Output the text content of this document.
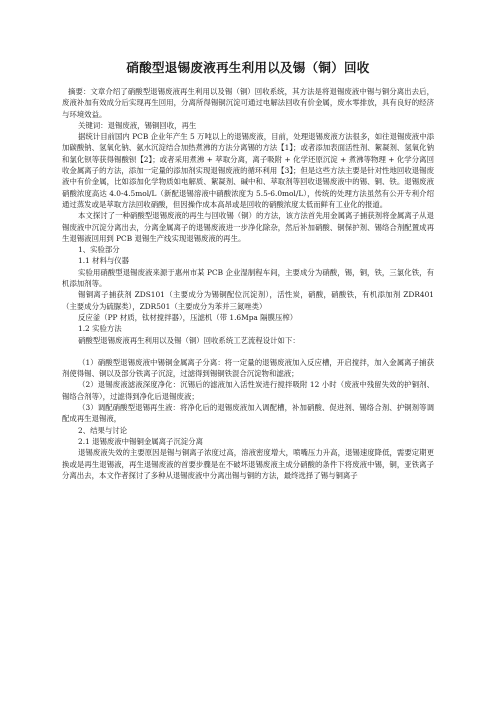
硝酸型退锡废液再生利用以及锡（铜）回收

摘要：文章介绍了硝酸型退锡废液再生利用以及锡（铜）回收系统，其方法是将退锡废液中锡与铜分离出去后，废液补加有效成分后实现再生回用，分离所得锡铜沉淀可通过电解法回收有价金属，废水零排放，具有良好的经济与环境效益。

关键词：退锡废液，锡铜回收，再生

据统计目前国内 PCB 企业年产生 5 万吨以上的退锡废液，目前，处理退锡废液方法很多，如往退锡废液中添加碳酸钠、氢氧化钠、氨水沉淀结合加热煮沸的方法分离锡的方法【1】；或者添加表面活性剂、絮凝剂、氢氧化钠和氯化钡等获得锡酸钡【2】；或者采用煮沸 + 萃取分离，离子吸附 + 化学还原沉淀 + 煮沸等物理 + 化学分离回收金属离子的方法，添加一定量的添加剂实现退锡废液的循环利用【3】；但是这些方法主要是针对性地回收退锡废液中有价金属，比如添加化学物质如电解质、絮凝剂、碱中和、萃取剂等回收退锡废液中的锡、铜、铁。退锡废液硝酸浓度高达 4.0-4.5mol/L（新配退锡溶液中硝酸浓度为 5.5-6.0mol/L），传统的处理方法虽然有公开专利介绍通过蒸发或是萃取方法回收硝酸，但因操作成本高昂或是回收的硝酸浓度太低而鲜有工业化的报道。

本文探讨了一种硝酸型退锡废液的再生与回收锡（铜）的方法，该方法首先用金属离子捕获剂将金属离子从退锡废液中沉淀分离出去，分离金属离子的退锡废液进一步净化除杂，然后补加硝酸、铜保护剂、锡络合剂配置成再生退锡液回用到 PCB 退锡生产线实现退锡废液的再生。

1、实验部分

1.1 材料与仪器

实验用硝酸型退锡废液来源于惠州市某 PCB 企业湿制程车间，主要成分为硝酸，锡，铜，铁，三氯化铁，有机添加剂等。

锡铜离子捕获剂 ZDS101（主要成分为锡铜配位沉淀剂），活性炭，硝酸，硝酸铁，有机添加剂 ZDR401（主要成分为硫脲类），ZDR501（主要成分为苯并三氮唑类）

反应釜（PP 材质，钛材搅拌器），压滤机（带 1.6Mpa 隔膜压榨）

1.2 实验方法

硝酸型退锡废液再生利用以及锡（铜）回收系统工艺流程设计如下：

（1）硝酸型退锡废液中锡铜金属离子分离：将一定量的退锡废液加入反应槽，开启搅拌，加入金属离子捕获剂使得锡、铜以及部分铁离子沉淀，过滤得到锡铜铁混合沉淀物和滤液；

（2）退锡废液滤液深度净化：沉锡后的滤液加入活性炭进行搅拌吸附 12 小时（废液中残留失效的护铜剂、锡络合剂等），过滤得到净化后退锡废液；

（3）调配硝酸型退锡再生液：将净化后的退锡废液加入调配槽，补加硝酸、促进剂、锡络合剂、护铜剂等调配成再生退锡液，

2、结果与讨论

2.1 退锡废液中锡铜金属离子沉淀分离

退锡废液失效的主要原因是锡与铜离子浓度过高，溶液密度增大，喷嘴压力升高，退锡速度降低，需要定期更换或是再生退锡液，再生退锡废液的首要步骤是在不破坏退锡废液主成分硝酸的条件下将废液中锡，铜，亚铁离子分离出去，本文作者探讨了多种从退锡废液中分离出锡与铜的方法，最终选择了锡与铜离子
